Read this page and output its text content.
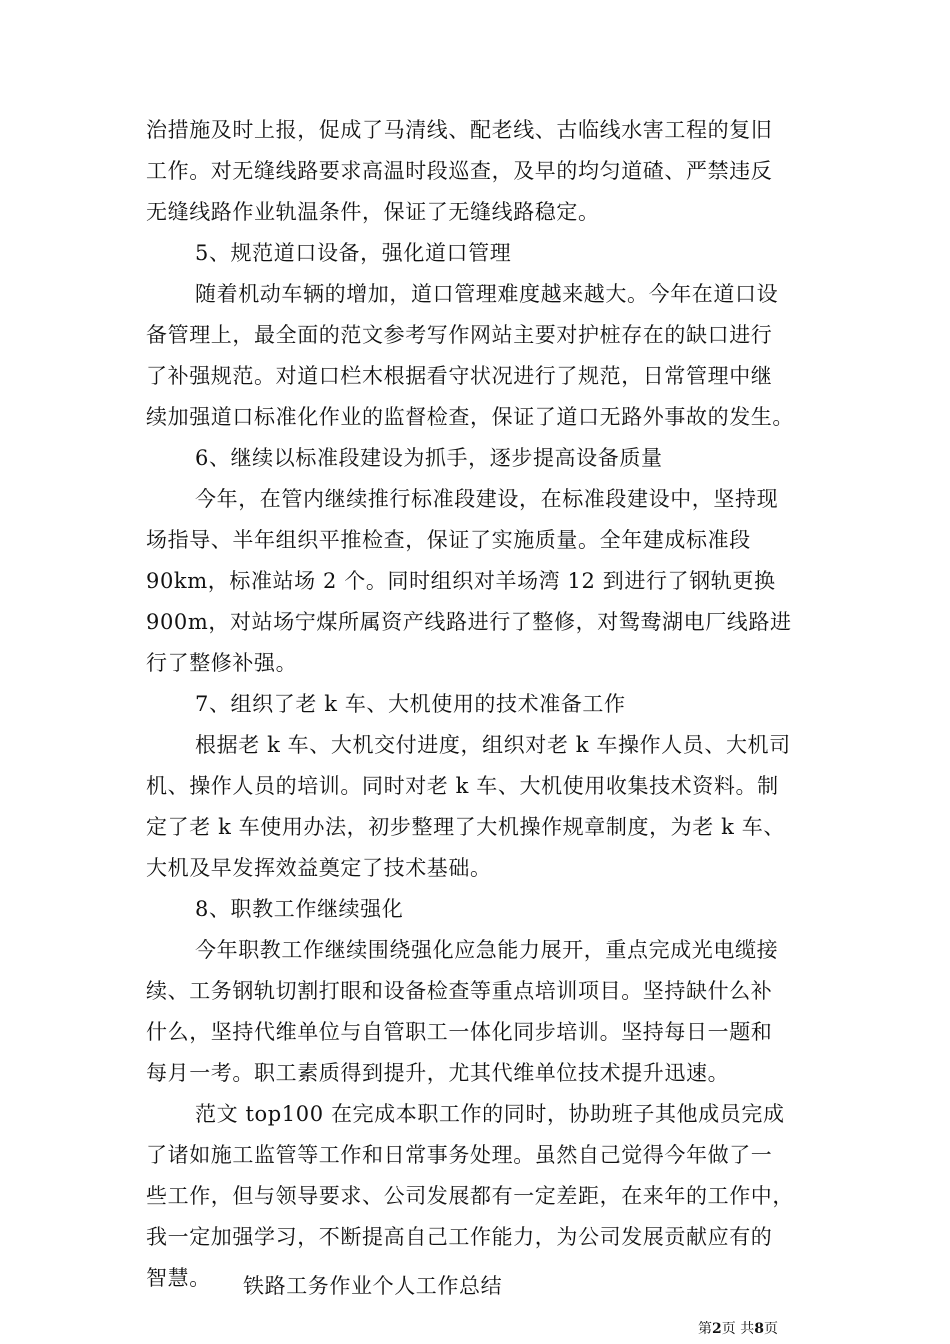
治措施及时上报，促成了马清线、配老线、古临线水害工程的复旧
工作。对无缝线路要求高温时段巡查，及早的均匀道碴、严禁违反
无缝线路作业轨温条件，保证了无缝线路稳定。
5、规范道口设备，强化道口管理
随着机动车辆的增加，道口管理难度越来越大。今年在道口设
备管理上，最全面的范文参考写作网站主要对护桩存在的缺口进行
了补强规范。对道口栏木根据看守状况进行了规范，日常管理中继
续加强道口标准化作业的监督检查，保证了道口无路外事故的发生。
6、继续以标准段建设为抓手，逐步提高设备质量
今年，在管内继续推行标准段建设，在标准段建设中，坚持现
场指导、半年组织平推检查，保证了实施质量。全年建成标准段
90km，标准站场 2 个。同时组织对羊场湾 12 到进行了钢轨更换
900m，对站场宁煤所属资产线路进行了整修，对鸳鸯湖电厂线路进
行了整修补强。
7、组织了老 k 车、大机使用的技术准备工作
根据老 k 车、大机交付进度，组织对老 k 车操作人员、大机司
机、操作人员的培训。同时对老 k 车、大机使用收集技术资料。制
定了老 k 车使用办法，初步整理了大机操作规章制度，为老 k 车、
大机及早发挥效益奠定了技术基础。
8、职教工作继续强化
今年职教工作继续围绕强化应急能力展开，重点完成光电缆接
续、工务钢轨切割打眼和设备检查等重点培训项目。坚持缺什么补
什么，坚持代维单位与自管职工一体化同步培训。坚持每日一题和
每月一考。职工素质得到提升，尤其代维单位技术提升迅速。
范文 top100 在完成本职工作的同时，协助班子其他成员完成
了诸如施工监管等工作和日常事务处理。虽然自己觉得今年做了一
些工作，但与领导要求、公司发展都有一定差距，在来年的工作中，
我一定加强学习，不断提高自己工作能力，为公司发展贡献应有的
智慧。 铁路工务作业个人工作总结
第2页 共8页
